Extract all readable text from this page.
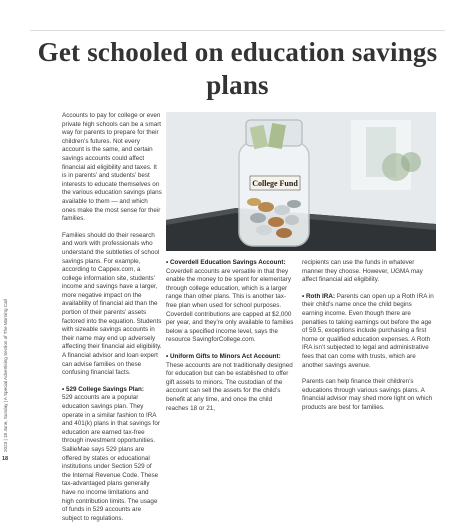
Get schooled on education savings plans
2023 | 18 June, Sunday | A Special Advertising Section of The Morning Call
18

Accounts to pay for college or even private high schools can be a smart way for parents to prepare for their children’s futures. Not every account is the same, and certain savings accounts could affect financial aid eligibility and taxes. It is in parents’ and students’ best interests to educate themselves on the various education savings plans available to them — and which ones make the most sense for their families.

Families should do their research and work with professionals who understand the subtleties of school savings plans. For example, according to Cappex.com, a college information site, students’ income and savings have a larger, more negative impact on the availability of financial aid than the portion of their parents’ assets factored into the equation. Students with sizeable savings accounts in their name may end up adversely affecting their financial aid eligibility. A financial advisor and loan expert can advise families on these confusing financial facts.

• 529 College Savings Plan:
529 accounts are a popular education savings plan. They operate in a similar fashion to IRA and 401(k) plans in that savings for education are earned tax-free through investment opportunities. SallieMae says 529 plans are offered by states or educational institutions under Section 529 of the Internal Revenue Code. These tax-advantaged plans generally have no income limitations and high contribution limits. The usage of funds in 529 accounts are subject to regulations.

College Fund

• Coverdell Education Savings Account: Coverdell accounts are versatile in that they enable the money to be spent for elementary through college education, which is a larger range than other plans. This is another tax-free plan when used for school purposes. Coverdell contributions are capped at $2,000 per year, and they’re only available to families below a specified income level, says the resource SavingforCollege.com.

• Uniform Gifts to Minors Act Account: These accounts are not traditionally designed for education but can be established to offer gift assets to minors. The custodian of the account can sell the assets for the child’s benefit at any time, and once the child reaches 18 or 21,

recipients can use the funds in whatever manner they choose. However, UGMA may affect financial aid eligibility.

• Roth IRA: Parents can open up a Roth IRA in their child’s name once the child begins earning income. Even though there are penalties to taking earnings out before the age of 59.5, exceptions include purchasing a first home or qualified education expenses. A Roth IRA isn’t subjected to legal and administrative fees that can come with trusts, which are another savings avenue.

Parents can help finance their children’s educations through various savings plans. A financial advisor may shed more light on which products are best for families.
